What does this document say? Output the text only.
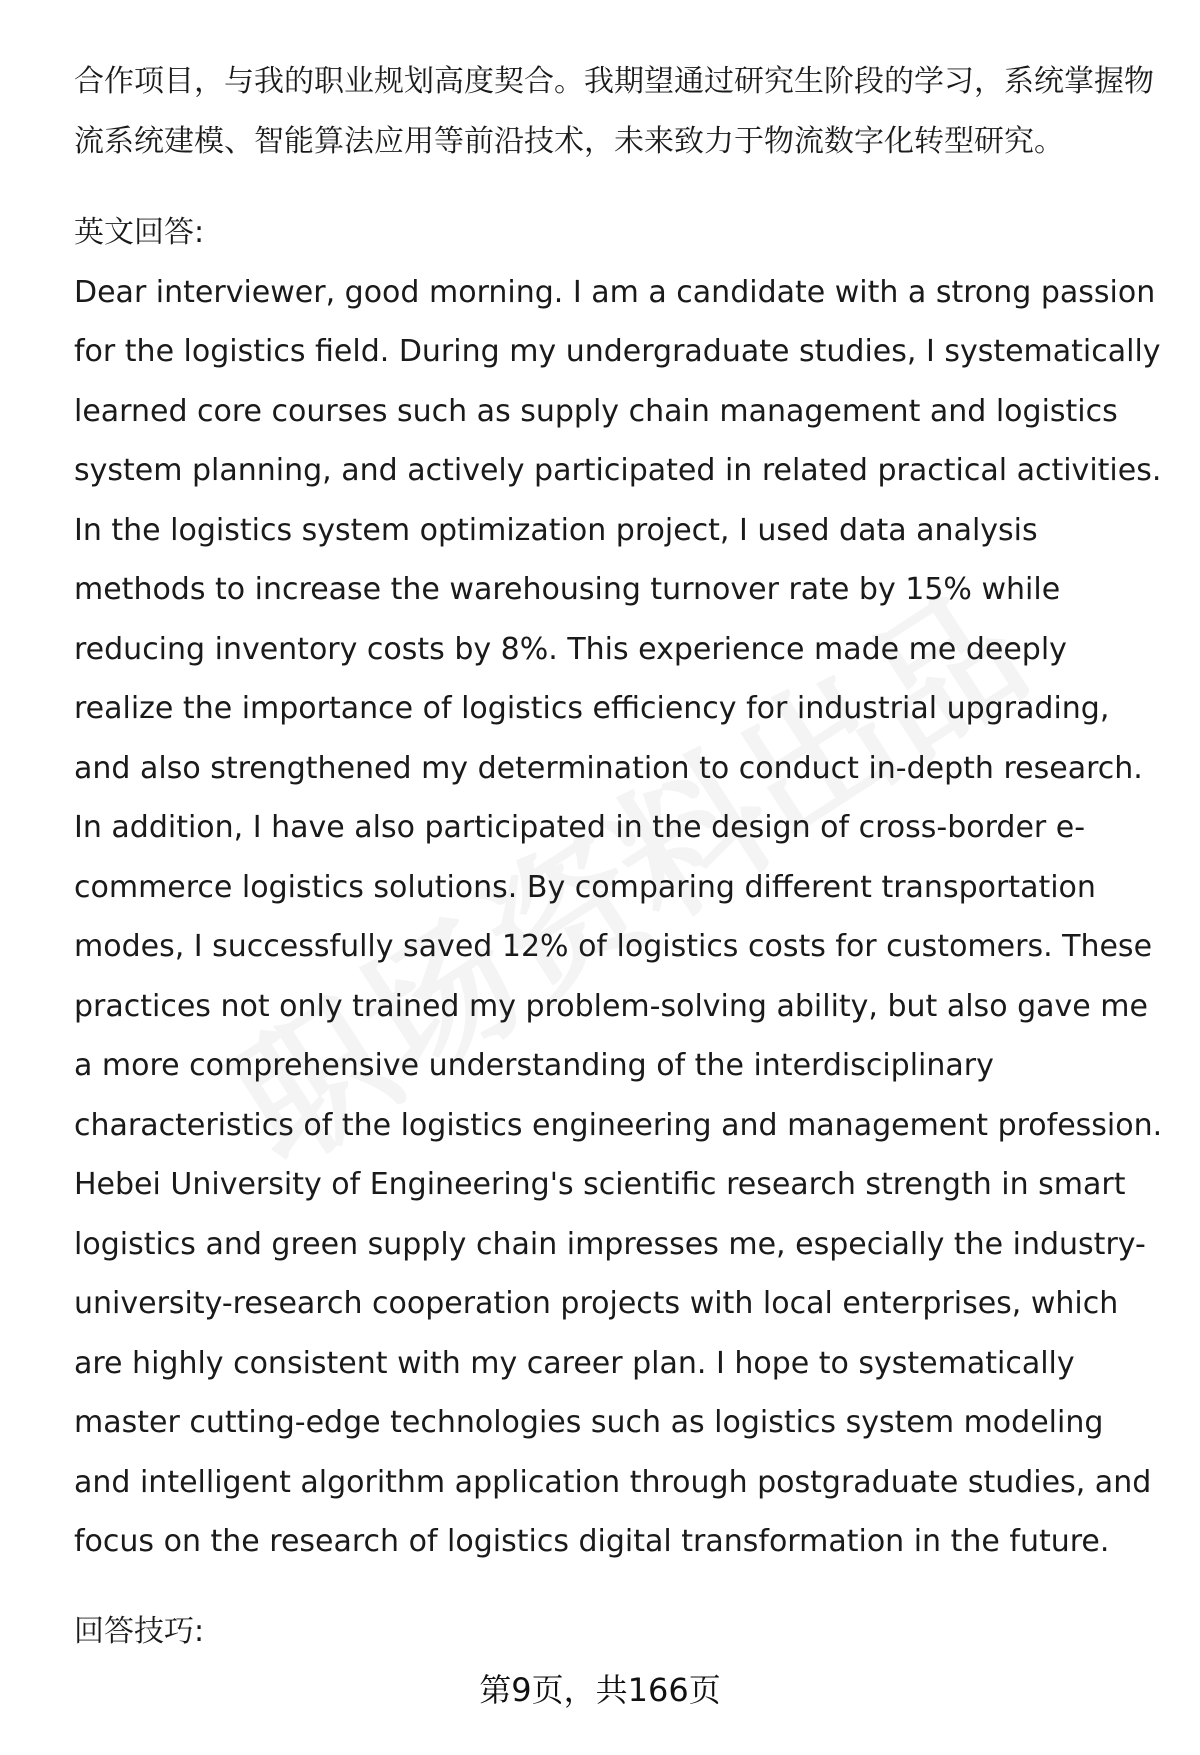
合作项目，与我的职业规划高度契合。我期望通过研究生阶段的学习，系统掌握物流系统建模、智能算法应用等前沿技术，未来致力于物流数字化转型研究。

英文回答:

Dear interviewer, good morning. I am a candidate with a strong passion for the logistics field. During my undergraduate studies, I systematically learned core courses such as supply chain management and logistics system planning, and actively participated in related practical activities. In the logistics system optimization project, I used data analysis methods to increase the warehousing turnover rate by 15% while reducing inventory costs by 8%. This experience made me deeply realize the importance of logistics efficiency for industrial upgrading, and also strengthened my determination to conduct in-depth research. In addition, I have also participated in the design of cross-border e-commerce logistics solutions. By comparing different transportation modes, I successfully saved 12% of logistics costs for customers. These practices not only trained my problem-solving ability, but also gave me a more comprehensive understanding of the interdisciplinary characteristics of the logistics engineering and management profession. Hebei University of Engineering's scientific research strength in smart logistics and green supply chain impresses me, especially the industry-university-research cooperation projects with local enterprises, which are highly consistent with my career plan. I hope to systematically master cutting-edge technologies such as logistics system modeling and intelligent algorithm application through postgraduate studies, and focus on the research of logistics digital transformation in the future.

回答技巧:

第9页，共166页
